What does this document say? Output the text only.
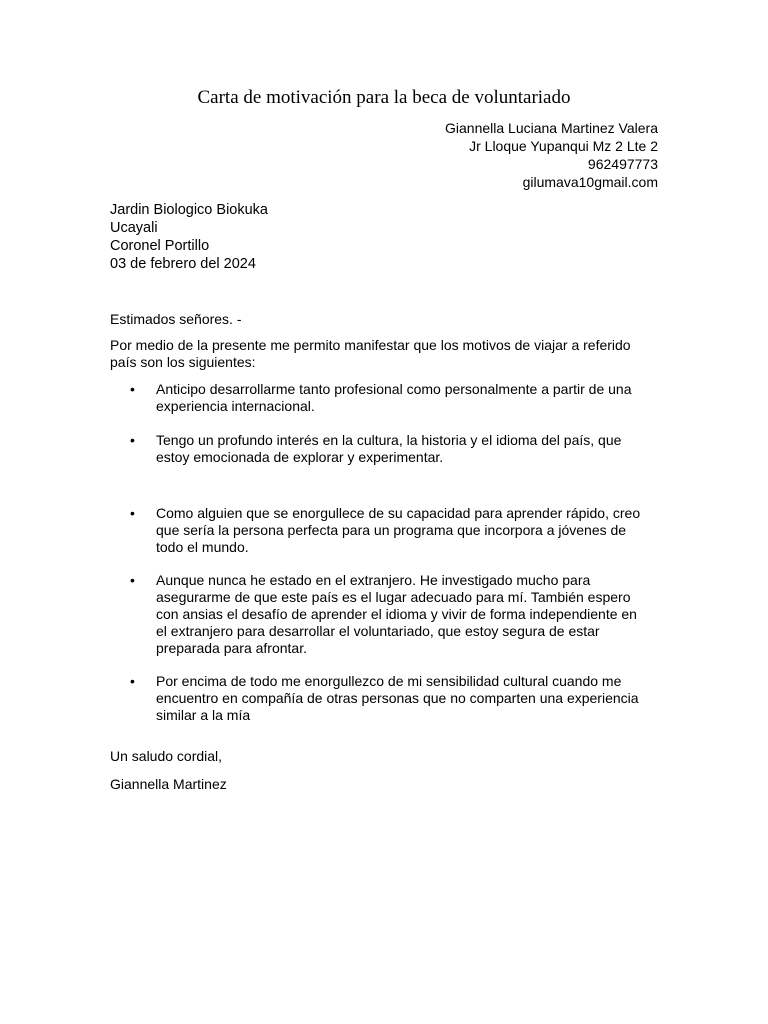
Carta de motivación para la beca de voluntariado
Giannella Luciana Martinez Valera
Jr Lloque Yupanqui Mz 2 Lte 2
962497773
gilumava10gmail.com
Jardin Biologico Biokuka
Ucayali
Coronel Portillo
03 de febrero del 2024
Estimados señores. -
Por medio de la presente me permito manifestar que los motivos de viajar a referido
país son los siguientes:
• Anticipo desarrollarme tanto profesional como personalmente a partir de una
experiencia internacional.
• Tengo un profundo interés en la cultura, la historia y el idioma del país, que
estoy emocionada de explorar y experimentar.
• Como alguien que se enorgullece de su capacidad para aprender rápido, creo
que sería la persona perfecta para un programa que incorpora a jóvenes de
todo el mundo.
• Aunque nunca he estado en el extranjero. He investigado mucho para
asegurarme de que este país es el lugar adecuado para mí. También espero
con ansias el desafío de aprender el idioma y vivir de forma independiente en
el extranjero para desarrollar el voluntariado, que estoy segura de estar
preparada para afrontar.
• Por encima de todo me enorgullezco de mi sensibilidad cultural cuando me
encuentro en compañía de otras personas que no comparten una experiencia
similar a la mía
Un saludo cordial,
Giannella Martinez
